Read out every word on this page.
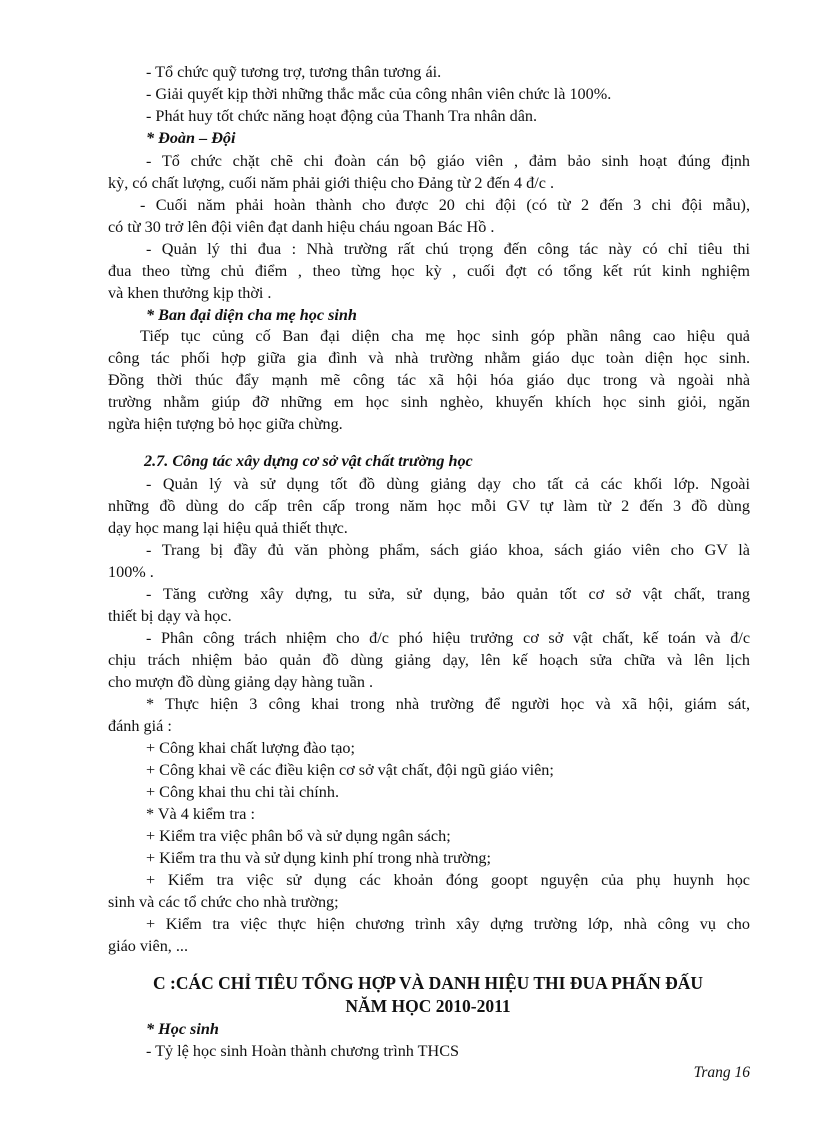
- Tổ chức quỹ tương trợ, tương thân tương ái.
- Giải quyết kịp thời những thắc mắc của công nhân viên chức là 100%.
- Phát huy tốt chức năng hoạt động của Thanh Tra nhân dân.
* Đoàn – Đội
- Tổ chức chặt chẽ chi đoàn cán bộ giáo viên , đảm bảo sinh hoạt đúng định
kỳ, có chất lượng, cuối năm phải giới thiệu cho Đảng từ 2 đến 4 đ/c .
- Cuối năm phải hoàn thành cho được 20 chi đội (có từ 2 đến 3 chi đội mẫu),
có từ 30 trở lên đội viên đạt danh hiệu cháu ngoan Bác Hồ .
- Quản lý thi đua : Nhà trường rất chú trọng đến công tác này có chỉ tiêu thi
đua theo từng chủ điểm , theo từng học kỳ , cuối đợt có tổng kết rút kinh nghiệm
và khen thưởng kịp thời .
* Ban đại diện cha mẹ học sinh
Tiếp tục củng cố Ban đại diện cha mẹ học sinh góp phần nâng cao hiệu quả
công tác phối hợp giữa gia đình và nhà trường nhằm giáo dục toàn diện học sinh.
Đồng thời thúc đẩy mạnh mẽ công tác xã hội hóa giáo dục trong và ngoài nhà
trường nhằm giúp đỡ những em học sinh nghèo, khuyến khích học sinh giỏi, ngăn
ngừa hiện tượng bỏ học giữa chừng.
2.7. Công tác xây dựng cơ sở vật chất trường học
- Quản lý và sử dụng tốt đồ dùng giảng dạy cho tất cả các khối lớp. Ngoài
những đồ dùng do cấp trên cấp trong năm học mỗi GV tự làm từ 2 đến 3 đồ dùng
dạy học mang lại hiệu quả thiết thực.
- Trang bị đầy đủ văn phòng phẩm, sách giáo khoa, sách giáo viên cho GV là
100% .
- Tăng cường xây dựng, tu sửa, sử dụng, bảo quản tốt cơ sở vật chất, trang
thiết bị dạy và học.
- Phân công trách nhiệm cho đ/c phó hiệu trưởng cơ sở vật chất, kế toán và đ/c
chịu trách nhiệm bảo quản đồ dùng giảng dạy, lên kế hoạch sửa chữa và lên lịch
cho mượn đồ dùng giảng dạy hàng tuần .
* Thực hiện 3 công khai trong nhà trường để người học và xã hội, giám sát,
đánh giá :
+ Công khai chất lượng đào tạo;
+ Công khai về các điều kiện cơ sở vật chất, đội ngũ giáo viên;
+ Công khai thu chi tài chính.
* Và 4 kiểm tra :
+ Kiểm tra việc phân bổ và sử dụng ngân sách;
+ Kiểm tra thu và sử dụng kinh phí trong nhà trường;
+ Kiểm tra việc sử dụng các khoản đóng goopt nguyện của phụ huynh học
sinh và các tổ chức cho nhà trường;
+ Kiểm tra việc thực hiện chương trình xây dựng trường lớp, nhà công vụ cho
giáo viên, ...
C :CÁC CHỈ TIÊU TỔNG HỢP VÀ DANH HIỆU THI ĐUA PHẤN ĐẤU
NĂM HỌC 2010-2011
* Học sinh
- Tỷ lệ học sinh Hoàn thành chương trình THCS
Trang 16
